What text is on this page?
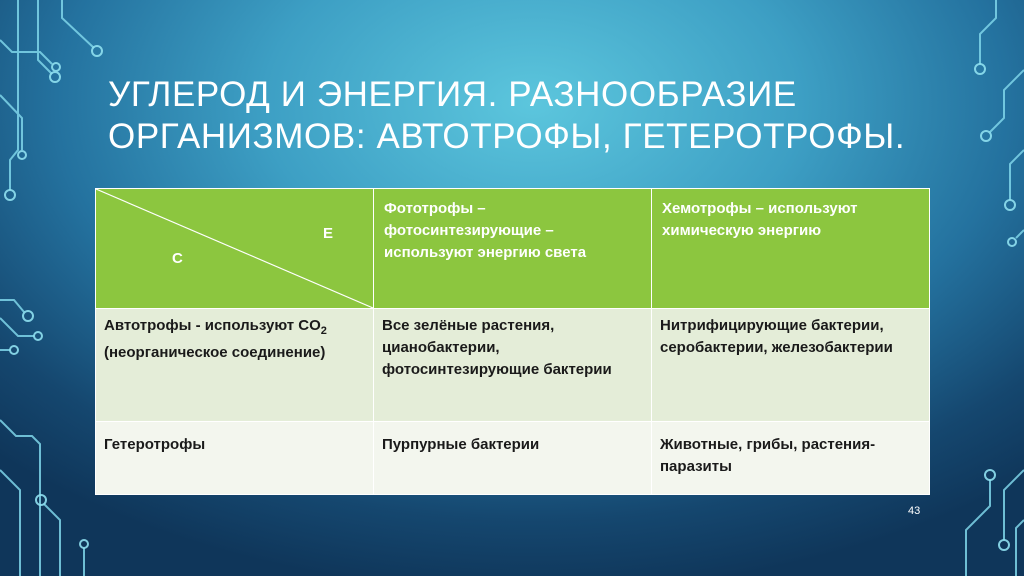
УГЛЕРОД И ЭНЕРГИЯ. РАЗНООБРАЗИЕ
ОРГАНИЗМОВ: АВТОТРОФЫ, ГЕТЕРОТРОФЫ.
Е
С	Фототрофы – фотосинтезирующие – используют энергию света	Хемотрофы – используют химическую энергию
Автотрофы - используют $CO_2$ (неорганическое соединение)	Все зелёные растения, цианобактерии, фотосинтезирующие бактерии	Нитрифицирующие бактерии, серобактерии, железобактерии
Гетеротрофы	Пурпурные бактерии	Животные, грибы, растения-паразиты
43
